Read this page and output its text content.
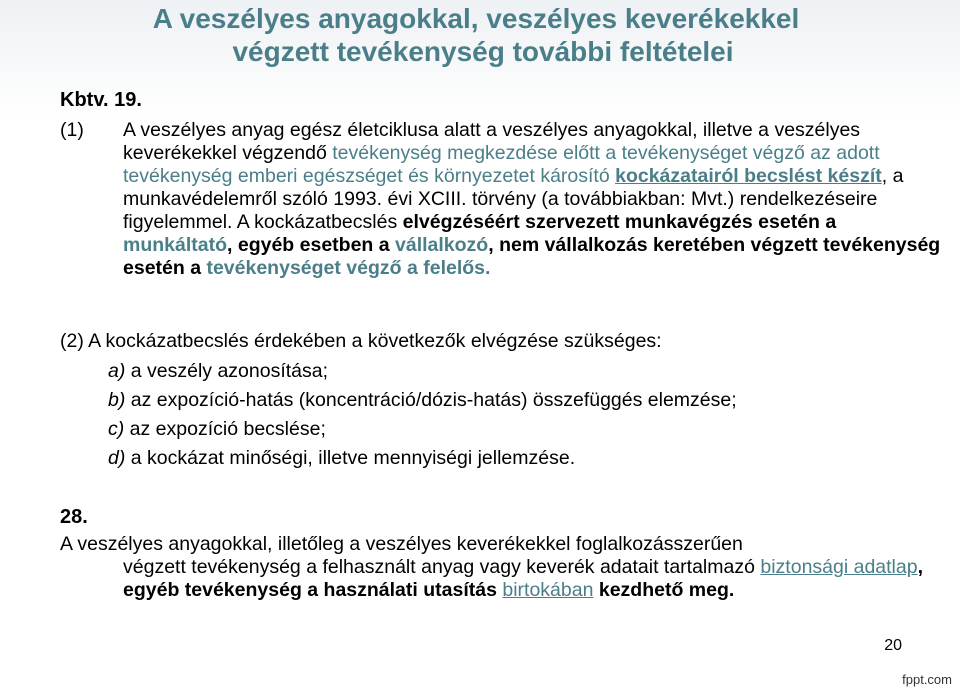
A veszélyes anyagokkal, veszélyes keverékekkel
végzett tevékenység további feltételei
Kbtv. 19.
(1) A veszélyes anyag egész életciklusa alatt a veszélyes anyagokkal, illetve a veszélyes keverékekkel végzendő tevékenység megkezdése előtt a tevékenységet végző az adott tevékenység emberi egészséget és környezetet károsító kockázatairól becslést készít, a munkavédelemről szóló 1993. évi XCIII. törvény (a továbbiakban: Mvt.) rendelkezéseire figyelemmel. A kockázatbecslés elvégzéséért szervezett munkavégzés esetén a munkáltató, egyéb esetben a vállalkozó, nem vállalkozás keretében végzett tevékenység esetén a tevékenységet végző a felelős.
(2) A kockázatbecslés érdekében a következők elvégzése szükséges:
a) a veszély azonosítása;
b) az expozíció-hatás (koncentráció/dózis-hatás) összefüggés elemzése;
c) az expozíció becslése;
d) a kockázat minőségi, illetve mennyiségi jellemzése.
28.
A veszélyes anyagokkal, illetőleg a veszélyes keverékekkel foglalkozásszerűen
végzett tevékenység a felhasznált anyag vagy keverék adatait tartalmazó biztonsági adatlap, egyéb tevékenység a használati utasítás birtokában kezdhető meg.
20
fppt.com
